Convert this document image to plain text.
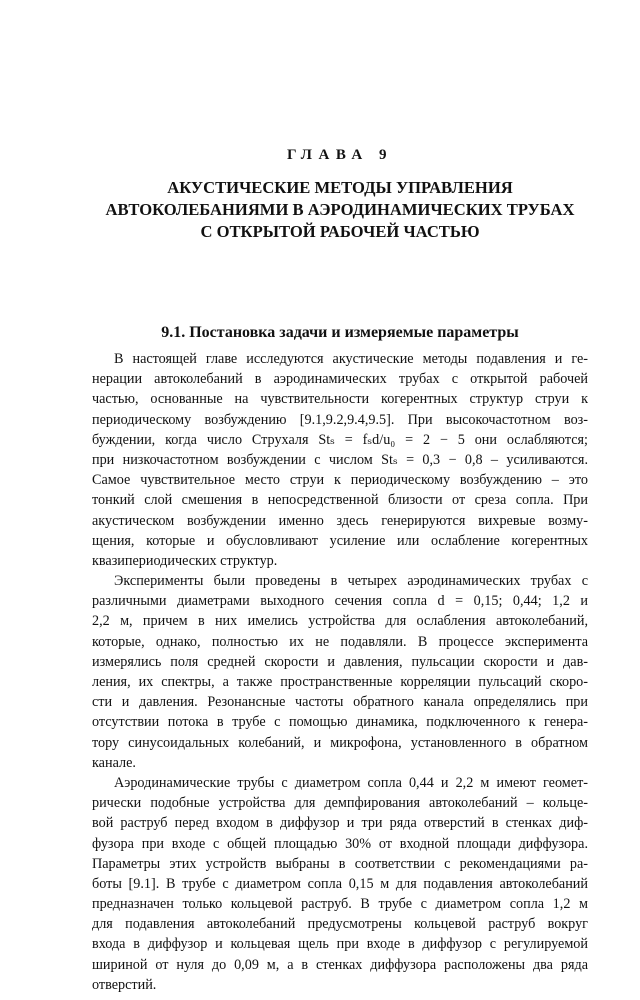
ГЛАВА 9
АКУСТИЧЕСКИЕ МЕТОДЫ УПРАВЛЕНИЯ
АВТОКОЛЕБАНИЯМИ В АЭРОДИНАМИЧЕСКИХ ТРУБАХ
С ОТКРЫТОЙ РАБОЧЕЙ ЧАСТЬЮ
9.1. Постановка задачи и измеряемые параметры
В настоящей главе исследуются акустические методы подавления и ге-
нерации автоколебаний в аэродинамических трубах с открытой рабочей
частью, основанные на чувствительности когерентных структур струи к
периодическому возбуждению [9.1,9.2,9.4,9.5]. При высокочастотном воз-
буждении, когда число Струхаля Stₛ = fₛd/u₀ = 2 − 5 они ослабляются;
при низкочастотном возбуждении с числом Stₛ = 0,3 − 0,8 – усиливаются.
Самое чувствительное место струи к периодическому возбуждению – это
тонкий слой смешения в непосредственной близости от среза сопла. При
акустическом возбуждении именно здесь генерируются вихревые возму-
щения, которые и обусловливают усиление или ослабление когерентных
квазипериодических структур.
Эксперименты были проведены в четырех аэродинамических трубах с
различными диаметрами выходного сечения сопла d = 0,15; 0,44; 1,2 и
2,2 м, причем в них имелись устройства для ослабления автоколебаний,
которые, однако, полностью их не подавляли. В процессе эксперимента
измерялись поля средней скорости и давления, пульсации скорости и дав-
ления, их спектры, а также пространственные корреляции пульсаций скоро-
сти и давления. Резонансные частоты обратного канала определялись при
отсутствии потока в трубе с помощью динамика, подключенного к генера-
тору синусоидальных колебаний, и микрофона, установленного в обратном
канале.
Аэродинамические трубы с диаметром сопла 0,44 и 2,2 м имеют геомет-
рически подобные устройства для демпфирования автоколебаний – кольце-
вой раструб перед входом в диффузор и три ряда отверстий в стенках диф-
фузора при входе с общей площадью 30% от входной площади диффузора.
Параметры этих устройств выбраны в соответствии с рекомендациями ра-
боты [9.1]. В трубе с диаметром сопла 0,15 м для подавления автоколебаний
предназначен только кольцевой раструб. В трубе с диаметром сопла 1,2 м
для подавления автоколебаний предусмотрены кольцевой раструб вокруг
входа в диффузор и кольцевая щель при входе в диффузор с регулируемой
шириной от нуля до 0,09 м, а в стенках диффузора расположены два ряда
отверстий.
